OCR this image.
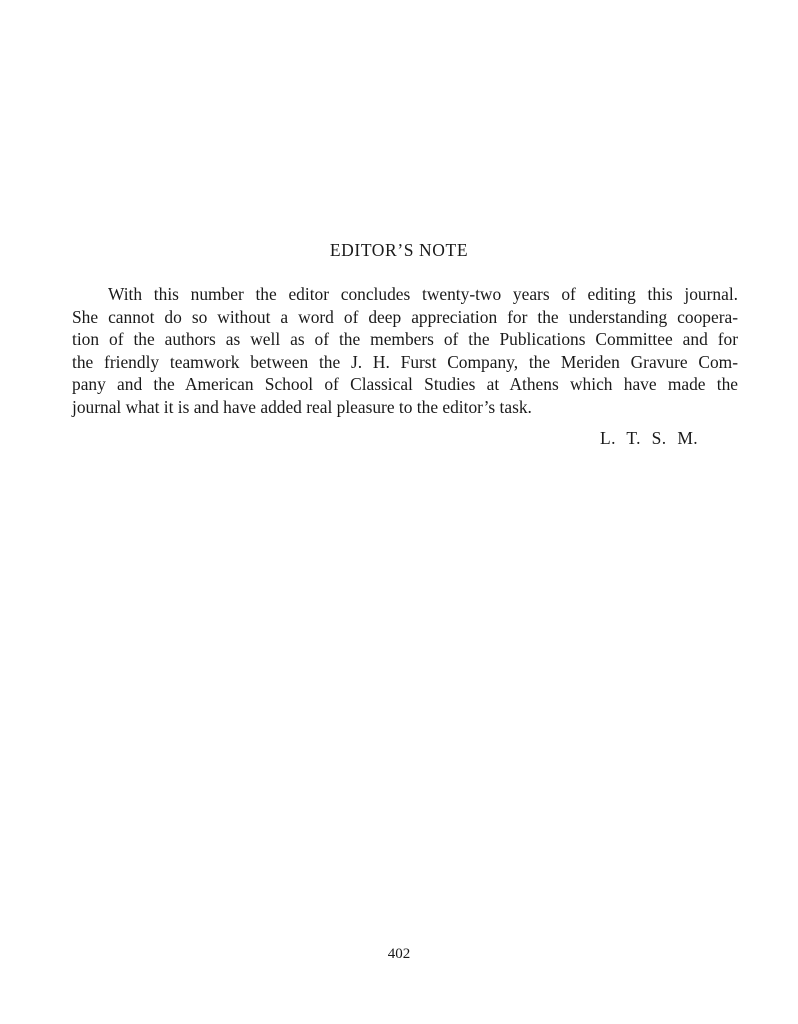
EDITOR’S NOTE
With this number the editor concludes twenty-two years of editing this journal.
She cannot do so without a word of deep appreciation for the understanding coopera-
tion of the authors as well as of the members of the Publications Committee and for
the friendly teamwork between the J. H. Furst Company, the Meriden Gravure Com-
pany and the American School of Classical Studies at Athens which have made the
journal what it is and have added real pleasure to the editor’s task.
L. T. S. M.
402
